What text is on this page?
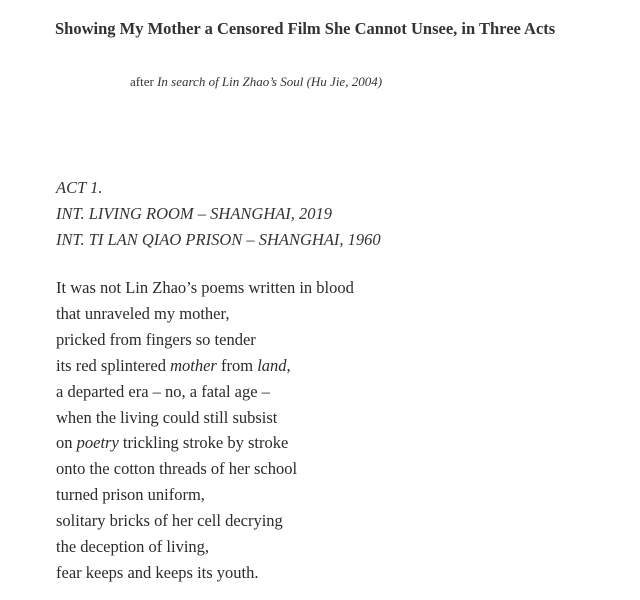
Showing My Mother a Censored Film She Cannot Unsee, in Three Acts
after In search of Lin Zhao’s Soul (Hu Jie, 2004)
ACT 1.
INT. LIVING ROOM – SHANGHAI, 2019
INT. TI LAN QIAO PRISON – SHANGHAI, 1960
It was not Lin Zhao’s poems written in blood
that unraveled my mother,
pricked from fingers so tender
its red splintered mother from land,
a departed era – no, a fatal age –
when the living could still subsist
on poetry trickling stroke by stroke
onto the cotton threads of her school
turned prison uniform,
solitary bricks of her cell decrying
the deception of living,
fear keeps and keeps its youth.
